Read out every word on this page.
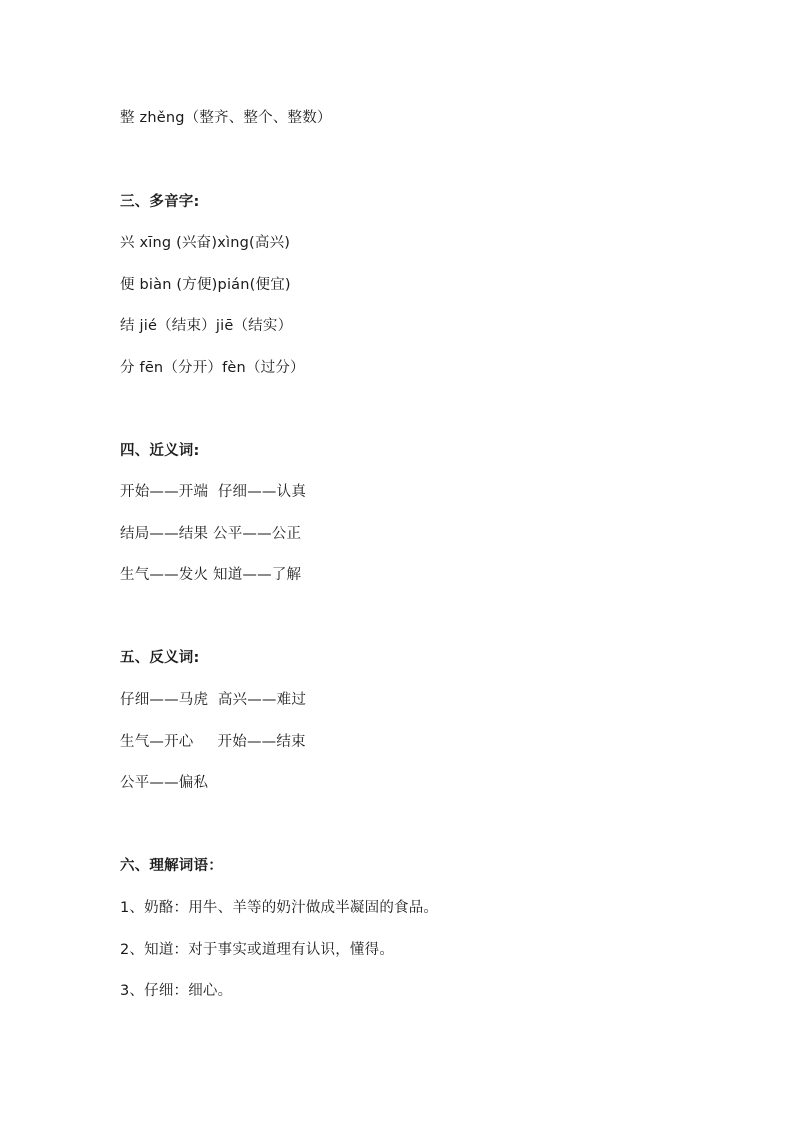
整 zhěng（整齐、整个、整数）
三、多音字:
兴 xīng (兴奋)xìng(高兴)
便 biàn (方便)pián(便宜)
结 jié（结束）jiē（结实）
分 fēn（分开）fèn（过分）
四、近义词:
开始——开端  仔细——认真
结局——结果 公平——公正
生气——发火 知道——了解
五、反义词:
仔细——马虎  高兴——难过
生气—开心     开始——结束
公平——偏私
六、理解词语：
1、奶酪：用牛、羊等的奶汁做成半凝固的食品。
2、知道：对于事实或道理有认识，懂得。
3、仔细：细心。
